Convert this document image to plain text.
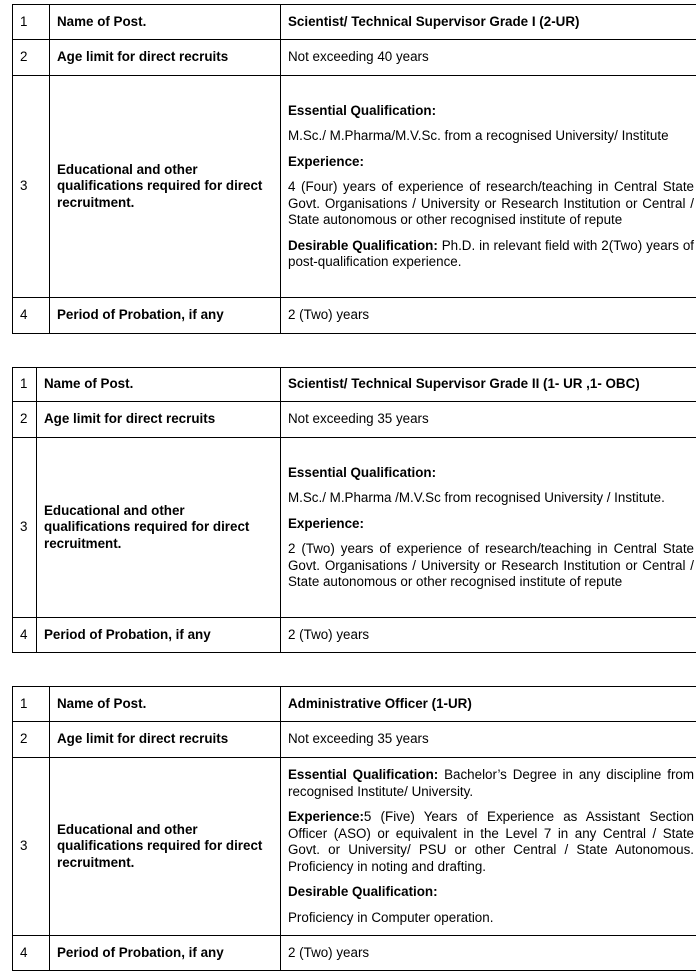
1	Name of Post.	Scientist/ Technical Supervisor Grade I (2-UR)
2	Age limit for direct recruits	Not exceeding 40 years
3	Educational and other qualifications required for direct recruitment.	Essential Qualification:

M.Sc./ M.Pharma/M.V.Sc. from a recognised University/ Institute

Experience:

4 (Four) years of experience of research/teaching in Central State Govt. Organisations / University or Research Institution or Central / State autonomous or other recognised institute of repute

Desirable Qualification: Ph.D. in relevant field with 2(Two) years of post-qualification experience.

4	Period of Probation, if any	2 (Two) years
1	Name of Post.	Scientist/ Technical Supervisor Grade II (1- UR ,1- OBC)
2	Age limit for direct recruits	Not exceeding 35 years
3	Educational and other qualifications required for direct recruitment.	Essential Qualification:

M.Sc./ M.Pharma /M.V.Sc from recognised University / Institute.

Experience:

2 (Two) years of experience of research/teaching in Central State Govt. Organisations / University or Research Institution or Central / State autonomous or other recognised institute of repute

4	Period of Probation, if any	2 (Two) years
1	Name of Post.	Administrative Officer (1-UR)
2	Age limit for direct recruits	Not exceeding 35 years
3	Educational and other qualifications required for direct recruitment.	Essential Qualification: Bachelor’s Degree in any discipline from recognised Institute/ University.

Experience:5 (Five) Years of Experience as Assistant Section Officer (ASO) or equivalent in the Level 7 in any Central / State Govt. or University/ PSU or other Central / State Autonomous. Proficiency in noting and drafting.

Desirable Qualification:

Proficiency in Computer operation.

4	Period of Probation, if any	2 (Two) years
